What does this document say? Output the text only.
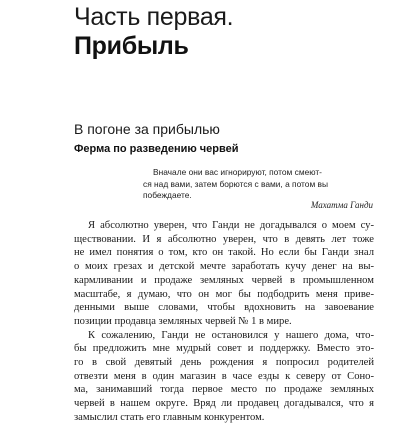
Часть первая.
Прибыль
В погоне за прибылью
Ферма по разведению червей
Вначале они вас игнорируют, потом смеют-
ся над вами, затем борются с вами, а потом вы
побеждаете.
Махатма Ганди
Я абсолютно уверен, что Ганди не догадывался о моем су-
ществовании. И я абсолютно уверен, что в девять лет тоже
не имел понятия о том, кто он такой. Но если бы Ганди знал
о моих грезах и детской мечте заработать кучу денег на вы-
кармливании и продаже земляных червей в промышленном
масштабе, я думаю, что он мог бы подбодрить меня приве-
денными выше словами, чтобы вдохновить на завоевание
позиции продавца земляных червей № 1 в мире.
К сожалению, Ганди не остановился у нашего дома, что-
бы предложить мне мудрый совет и поддержку. Вместо это-
го в свой девятый день рождения я попросил родителей
отвезти меня в один магазин в часе езды к северу от Соно-
ма, занимавший тогда первое место по продаже земляных
червей в нашем округе. Вряд ли продавец догадывался, что я
замыслил стать его главным конкурентом.
